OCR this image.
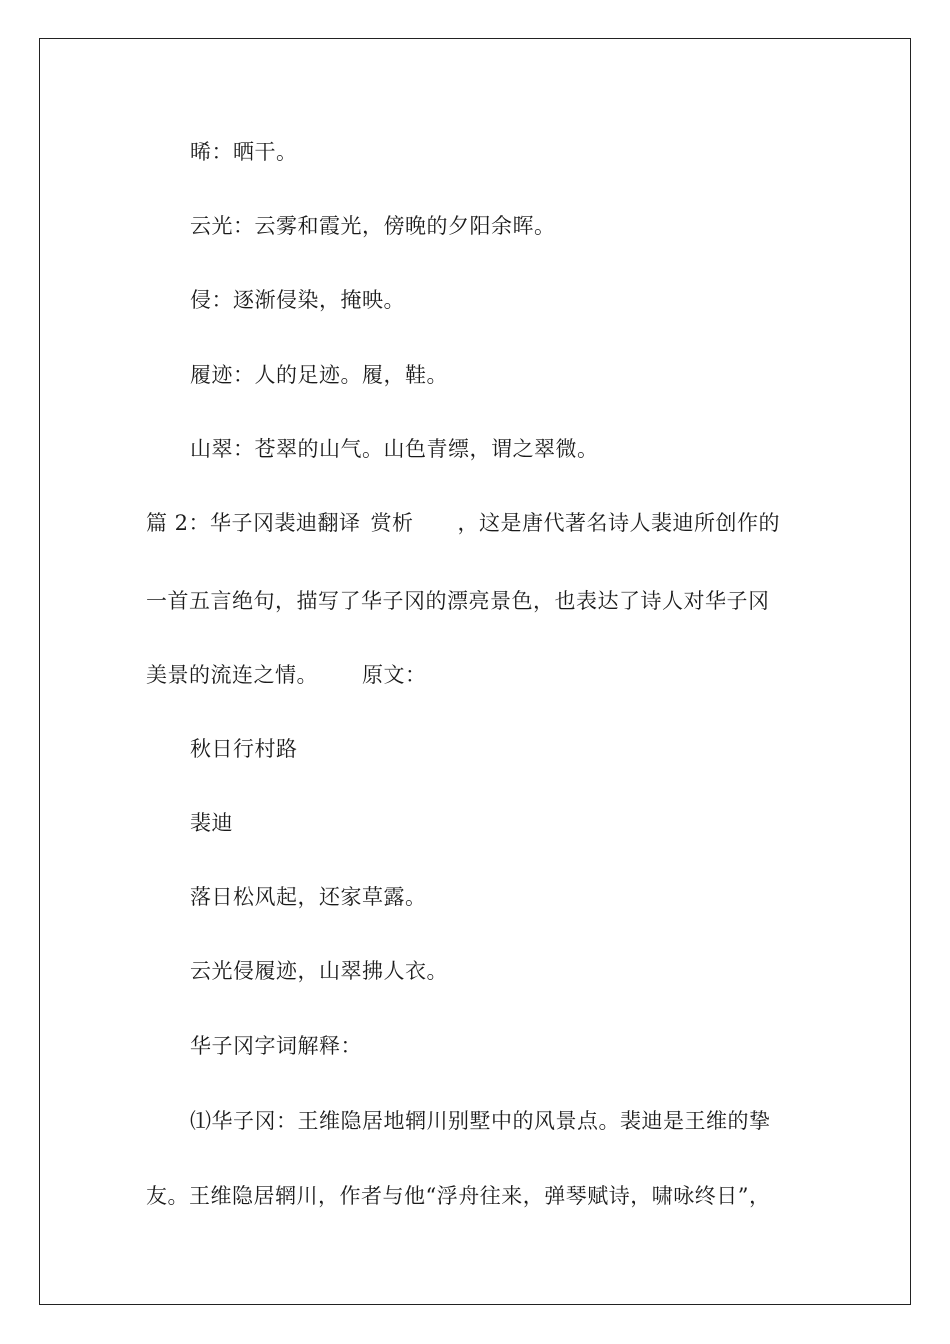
晞：晒干。
云光：云雾和霞光，傍晚的夕阳余晖。
侵：逐渐侵染，掩映。
履迹：人的足迹。履，鞋。
山翠：苍翠的山气。山色青缥，谓之翠微。
篇 2：华子冈裴迪翻译 赏析 ，这是唐代著名诗人裴迪所创作的
一首五言绝句，描写了华子冈的漂亮景色，也表达了诗人对华子冈
美景的流连之情。 原文：
秋日行村路
裴迪
落日松风起，还家草露。
云光侵履迹，山翠拂人衣。
华子冈字词解释：
⑴华子冈：王维隐居地辋川别墅中的风景点。裴迪是王维的挚
友。王维隐居辋川，作者与他“浮舟往来，弹琴赋诗，啸咏终日”，
